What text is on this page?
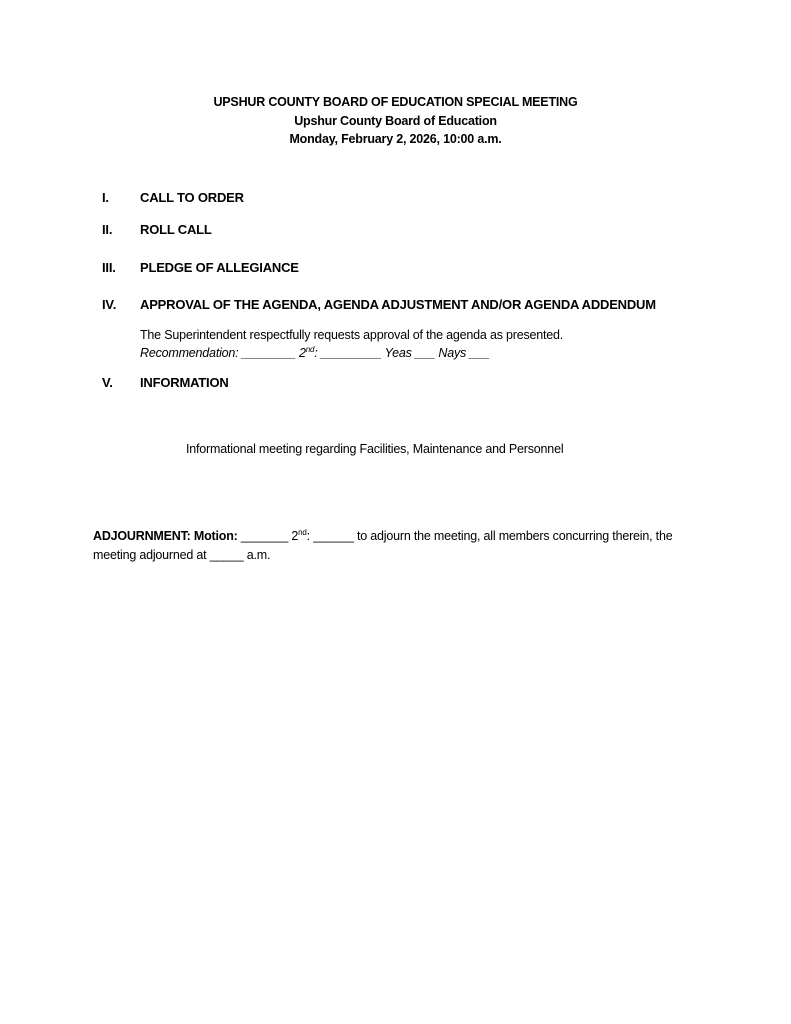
UPSHUR COUNTY BOARD OF EDUCATION SPECIAL MEETING
Upshur County Board of Education
Monday, February 2, 2026, 10:00 a.m.
I.	CALL TO ORDER
II.	ROLL CALL
III.	PLEDGE OF ALLEGIANCE
IV.	APPROVAL OF THE AGENDA, AGENDA ADJUSTMENT AND/OR AGENDA ADDENDUM
The Superintendent respectfully requests approval of the agenda as presented.
Recommendation: ________ 2nd: _________ Yeas ___ Nays ___
V.	INFORMATION
Informational meeting regarding Facilities, Maintenance and Personnel
ADJOURNMENT: Motion: _______ 2nd: ______ to adjourn the meeting, all members concurring therein, the
meeting adjourned at _____ a.m.
